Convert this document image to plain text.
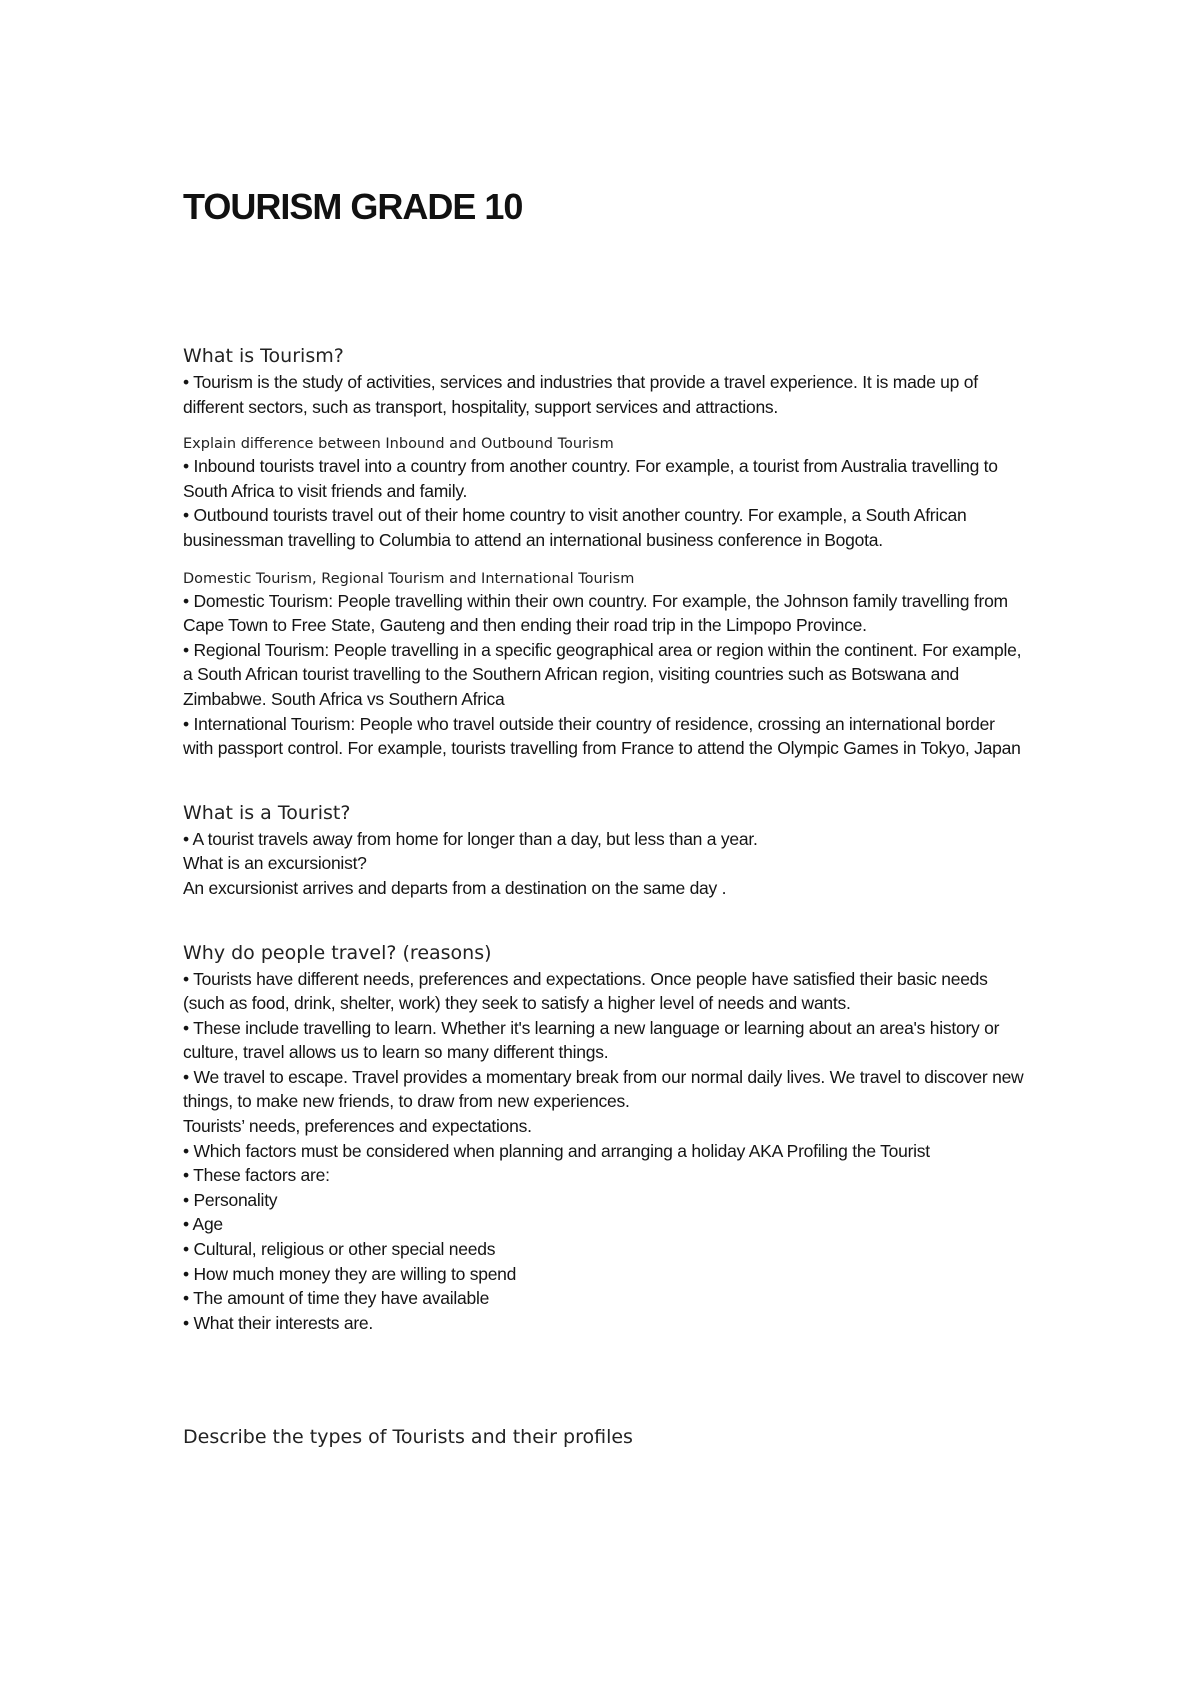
TOURISM GRADE 10

What is Tourism?

• Tourism is the study of activities, services and industries that provide a travel experience. It is made up of different sectors, such as transport, hospitality, support services and attractions.

Explain difference between Inbound and Outbound Tourism

• Inbound tourists travel into a country from another country. For example, a tourist from Australia travelling to South Africa to visit friends and family.

• Outbound tourists travel out of their home country to visit another country. For example, a South African businessman travelling to Columbia to attend an international business conference in Bogota.

Domestic Tourism, Regional Tourism and International Tourism

• Domestic Tourism: People travelling within their own country. For example, the Johnson family travelling from Cape Town to Free State, Gauteng and then ending their road trip in the Limpopo Province.

• Regional Tourism: People travelling in a specific geographical area or region within the continent. For example, a South African tourist travelling to the Southern African region, visiting countries such as Botswana and Zimbabwe. South Africa vs Southern Africa

• International Tourism: People who travel outside their country of residence, crossing an international border with passport control. For example, tourists travelling from France to attend the Olympic Games in Tokyo, Japan

What is a Tourist?

• A tourist travels away from home for longer than a day, but less than a year.

What is an excursionist?

An excursionist arrives and departs from a destination on the same day .

Why do people travel? (reasons)

• Tourists have different needs, preferences and expectations. Once people have satisfied their basic needs (such as food, drink, shelter, work) they seek to satisfy a higher level of needs and wants.

• These include travelling to learn. Whether it's learning a new language or learning about an area's history or culture, travel allows us to learn so many different things.

• We travel to escape. Travel provides a momentary break from our normal daily lives. We travel to discover new things, to make new friends, to draw from new experiences.

Tourists’ needs, preferences and expectations.

• Which factors must be considered when planning and arranging a holiday AKA Profiling the Tourist

• These factors are:

• Personality

• Age

• Cultural, religious or other special needs

• How much money they are willing to spend

• The amount of time they have available

• What their interests are.

Describe the types of Tourists and their profiles
